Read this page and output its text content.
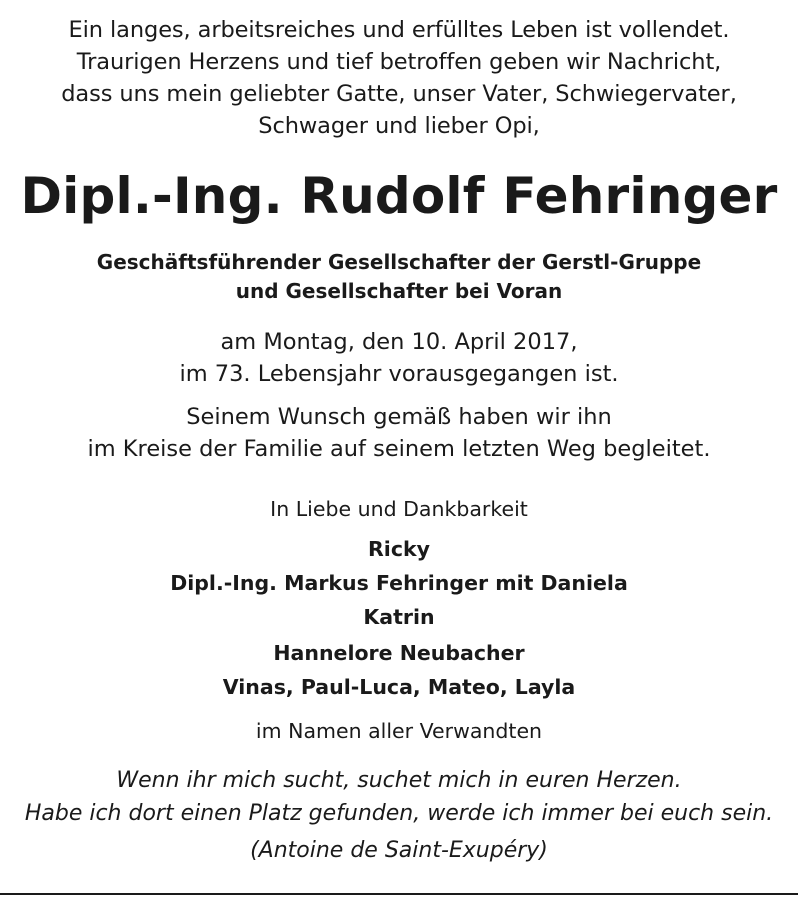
Ein langes, arbeitsreiches und erfülltes Leben ist vollendet.
Traurigen Herzens und tief betroffen geben wir Nachricht,
dass uns mein geliebter Gatte, unser Vater, Schwiegervater,
Schwager und lieber Opi,
Dipl.-Ing. Rudolf Fehringer
Geschäftsführender Gesellschafter der Gerstl-Gruppe
und Gesellschafter bei Voran
am Montag, den 10. April 2017,
im 73. Lebensjahr vorausgegangen ist.
Seinem Wunsch gemäß haben wir ihn
im Kreise der Familie auf seinem letzten Weg begleitet.
In Liebe und Dankbarkeit
Ricky
Dipl.-Ing. Markus Fehringer mit Daniela
Katrin
Hannelore Neubacher
Vinas, Paul-Luca, Mateo, Layla
im Namen aller Verwandten
Wenn ihr mich sucht, suchet mich in euren Herzen.
Habe ich dort einen Platz gefunden, werde ich immer bei euch sein.
(Antoine de Saint-Exupéry)
